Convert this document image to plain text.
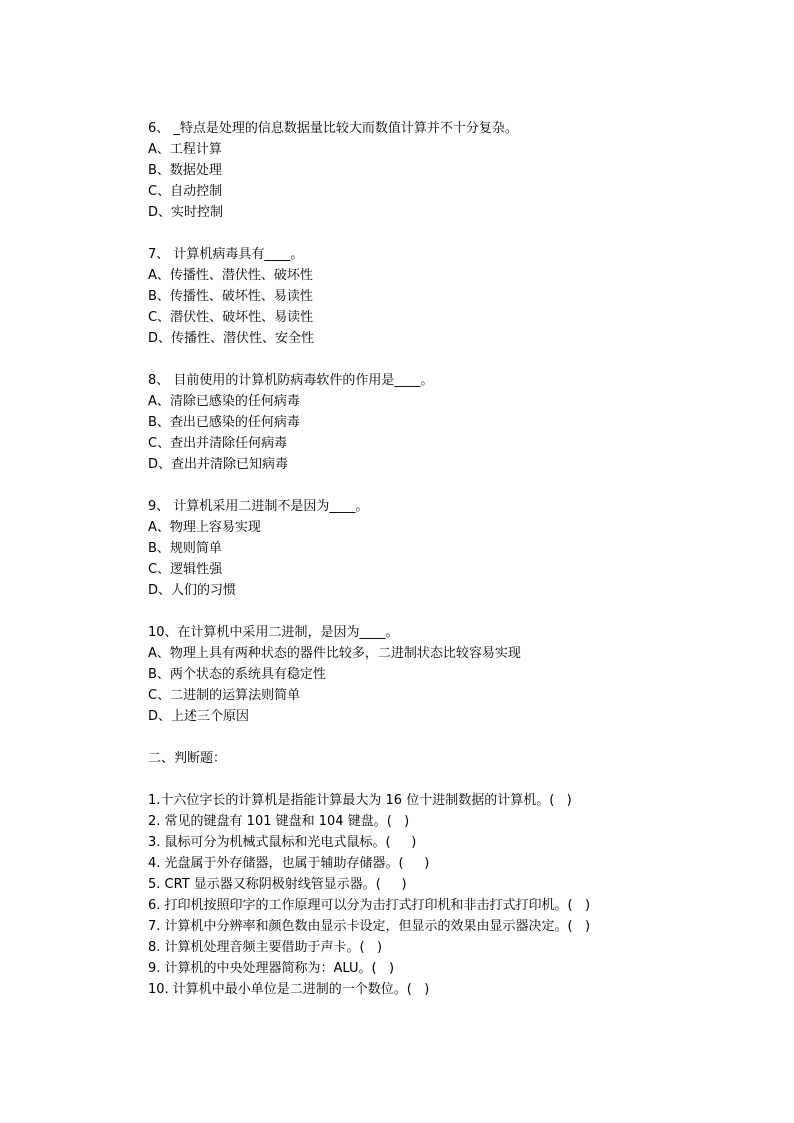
6、 _特点是处理的信息数据量比较大而数值计算并不十分复杂。
A、工程计算
B、数据处理
C、自动控制
D、实时控制
7、 计算机病毒具有____。
A、传播性、潜伏性、破坏性
B、传播性、破坏性、易读性
C、潜伏性、破坏性、易读性
D、传播性、潜伏性、安全性
8、 目前使用的计算机防病毒软件的作用是____。
A、清除已感染的任何病毒
B、查出已感染的任何病毒
C、查出并清除任何病毒
D、查出并清除已知病毒
9、 计算机采用二进制不是因为____。
A、物理上容易实现
B、规则简单
C、逻辑性强
D、人们的习惯
10、在计算机中采用二进制，是因为____。
A、物理上具有两种状态的器件比较多，二进制状态比较容易实现
B、两个状态的系统具有稳定性
C、二进制的运算法则简单
D、上述三个原因
二、判断题：
1.十六位字长的计算机是指能计算最大为 16 位十进制数据的计算机。(   )
2. 常见的键盘有 101 键盘和 104 键盘。(   )
3. 鼠标可分为机械式鼠标和光电式鼠标。(     )
4. 光盘属于外存储器，也属于辅助存储器。(     )
5. CRT 显示器又称阴极射线管显示器。(     )
6. 打印机按照印字的工作原理可以分为击打式打印机和非击打式打印机。(   )
7. 计算机中分辨率和颜色数由显示卡设定，但显示的效果由显示器决定。(   )
8. 计算机处理音频主要借助于声卡。(   )
9. 计算机的中央处理器简称为：ALU。(   )
10. 计算机中最小单位是二进制的一个数位。(   )
